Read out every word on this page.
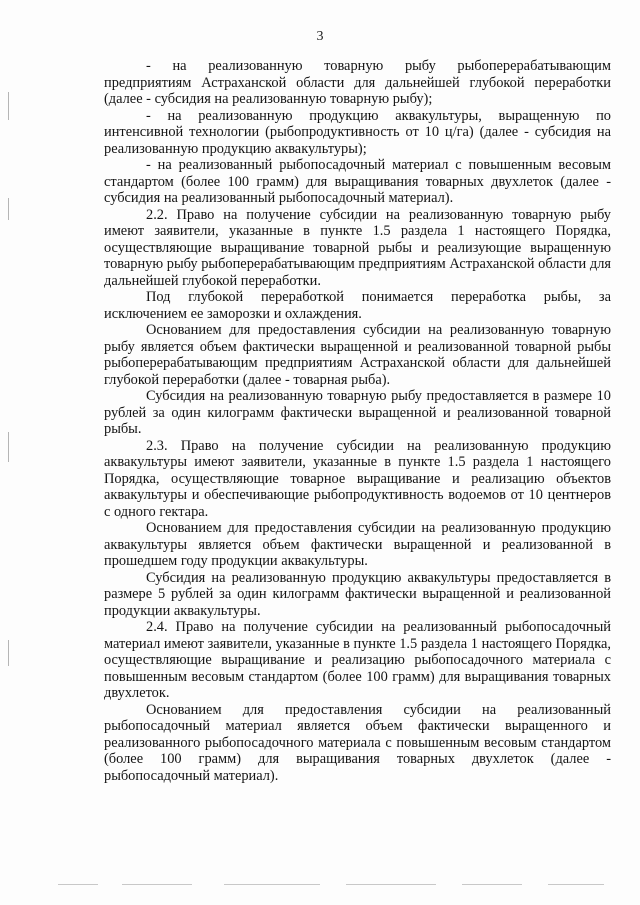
3

- на реализованную товарную рыбу рыбоперерабатывающим предприятиям Астраханской области для дальнейшей глубокой переработки (далее - субсидия на реализованную товарную рыбу);

- на реализованную продукцию аквакультуры, выращенную по интенсивной технологии (рыбопродуктивность от 10 ц/га) (далее - субсидия на реализованную продукцию аквакультуры);

- на реализованный рыбопосадочный материал с повышенным весовым стандартом (более 100 грамм) для выращивания товарных двухлеток (далее - субсидия на реализованный рыбопосадочный материал).

2.2. Право на получение субсидии на реализованную товарную рыбу имеют заявители, указанные в пункте 1.5 раздела 1 настоящего Порядка, осуществляющие выращивание товарной рыбы и реализующие выращенную товарную рыбу рыбоперерабатывающим предприятиям Астраханской области для дальнейшей глубокой переработки.

Под глубокой переработкой понимается переработка рыбы, за исключением ее заморозки и охлаждения.

Основанием для предоставления субсидии на реализованную товарную рыбу является объем фактически выращенной и реализованной товарной рыбы рыбоперерабатывающим предприятиям Астраханской области для дальнейшей глубокой переработки (далее - товарная рыба).

Субсидия на реализованную товарную рыбу предоставляется в размере 10 рублей за один килограмм фактически выращенной и реализованной товарной рыбы.

2.3. Право на получение субсидии на реализованную продукцию аквакультуры имеют заявители, указанные в пункте 1.5 раздела 1 настоящего Порядка, осуществляющие товарное выращивание и реализацию объектов аквакультуры и обеспечивающие рыбопродуктивность водоемов от 10 центнеров с одного гектара.

Основанием для предоставления субсидии на реализованную продукцию аквакультуры является объем фактически выращенной и реализованной в прошедшем году продукции аквакультуры.

Субсидия на реализованную продукцию аквакультуры предоставляется в размере 5 рублей за один килограмм фактически выращенной и реализованной продукции аквакультуры.

2.4. Право на получение субсидии на реализованный рыбопосадочный материал имеют заявители, указанные в пункте 1.5 раздела 1 настоящего Порядка, осуществляющие выращивание и реализацию рыбопосадочного материала с повышенным весовым стандартом (более 100 грамм) для выращивания товарных двухлеток.

Основанием для предоставления субсидии на реализованный рыбопосадочный материал является объем фактически выращенного и реализованного рыбопосадочного материала с повышенным весовым стандартом (более 100 грамм) для выращивания товарных двухлеток (далее - рыбопосадочный материал).
